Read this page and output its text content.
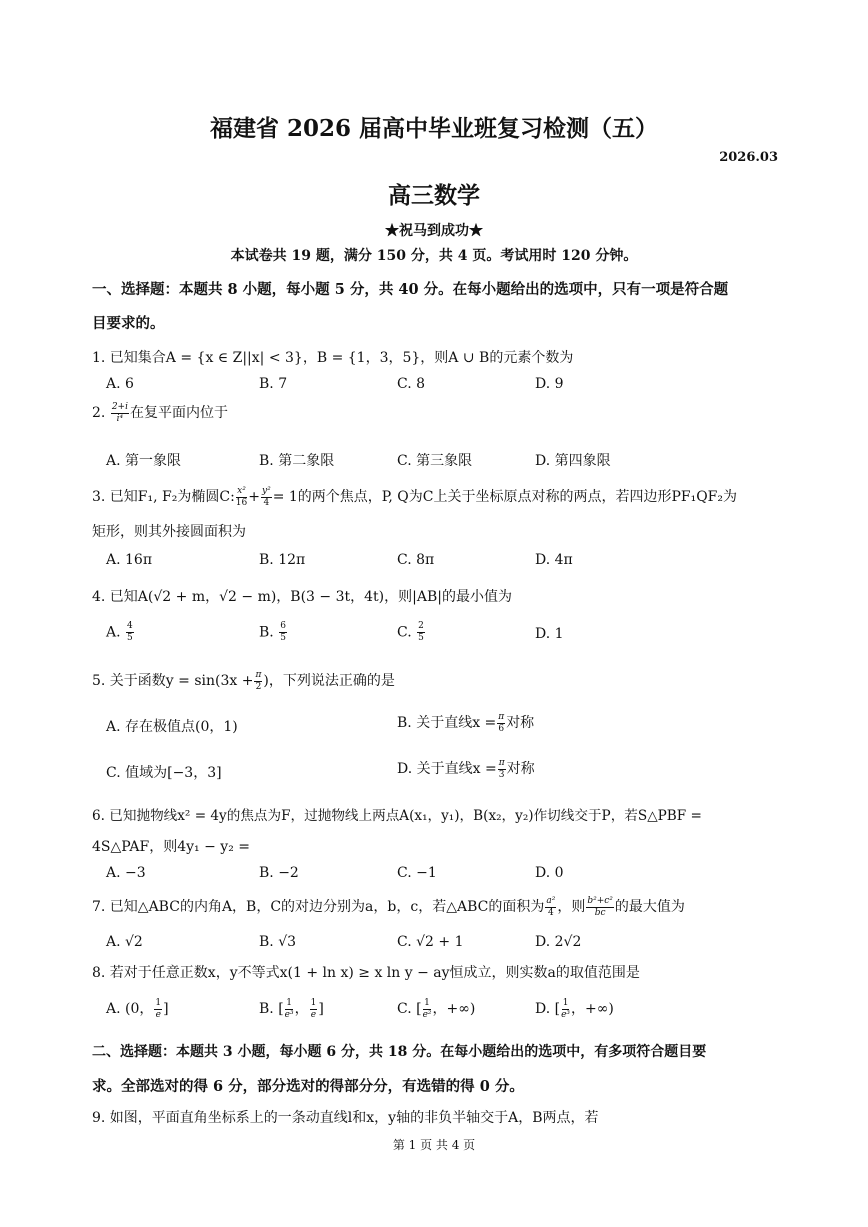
福建省 2026 届高中毕业班复习检测（五）
2026.03
高三数学
★祝马到成功★
本试卷共 19 题，满分 150 分，共 4 页。考试用时 120 分钟。
一、选择题：本题共 8 小题，每小题 5 分，共 40 分。在每小题给出的选项中，只有一项是符合题
目要求的。
1. 已知集合A = {x ∈ Z||x| < 3}，B = {1，3，5}，则A ∪ B的元素个数为
A. 6	B. 7	C. 8	D. 9
2. $\frac{2+i}{\text{i⁴}}$ 在复平面内位于
A. 第一象限	B. 第二象限	C. 第三象限	D. 第四象限
3. 已知F₁, F₂为椭圆C: $\frac{\text{x²}}{16} + \frac{\text{y²}}{4} = 1$的两个焦点，P, Q为C上关于坐标原点对称的两点，若四边形PF₁QF₂为
矩形，则其外接圆面积为
A. 16π	B. 12π	C. 8π	D. 4π
4. 已知A(√2 + m，√2 − m)，B(3 − 3t，4t)，则|AB|的最小值为
A. $\frac{4}{5}$	B. $\frac{6}{5}$	C. $\frac{2}{5}$	D. 1
5. 关于函数$y = \sin(3x + \frac{\pi}{2}$ )，下列说法正确的是
A. 存在极值点(0，1)	B. 关于直线$x = \frac{\pi}{6}$ 对称
C. 值域为[−3，3]	D. 关于直线$x = \frac{\pi}{3}$ 对称
6. 已知抛物线x² = 4y的焦点为F，过抛物线上两点A(x₁，y₁)，B(x₂，y₂)作切线交于P，若S△PBF =
4S△PAF，则4y₁ − y₂ =
A. −3	B. −2	C. −1	D. 0
7. 已知△ABC的内角A，B，C的对边分别为a，b，c，若△ABC的面积为 $\frac{\text{a²}}{4}$ ，则 $\frac{\text{b²+c²}}{bc}$ 的最大值为
A. √2	B. √3	C. √2 + 1	D. 2√2
8. 若对于任意正数x，y不等式x(1 + ln x) ≥ x ln y − ay恒成立，则实数a的取值范围是
A. (0， $\frac{1}{e}$ ]	B. [ $\frac{1}{\text{e³}}$ ， $\frac{1}{e}$ ]	C. [ $\frac{1}{\text{e²}}$ ，+∞)	D. [ $\frac{1}{\text{e³}}$ ，+∞)
二、选择题：本题共 3 小题，每小题 6 分，共 18 分。在每小题给出的选项中，有多项符合题目要
求。全部选对的得 6 分，部分选对的得部分分，有选错的得 0 分。
9. 如图，平面直角坐标系上的一条动直线l和x，y轴的非负半轴交于A，B两点，若
第 1 页 共 4 页
